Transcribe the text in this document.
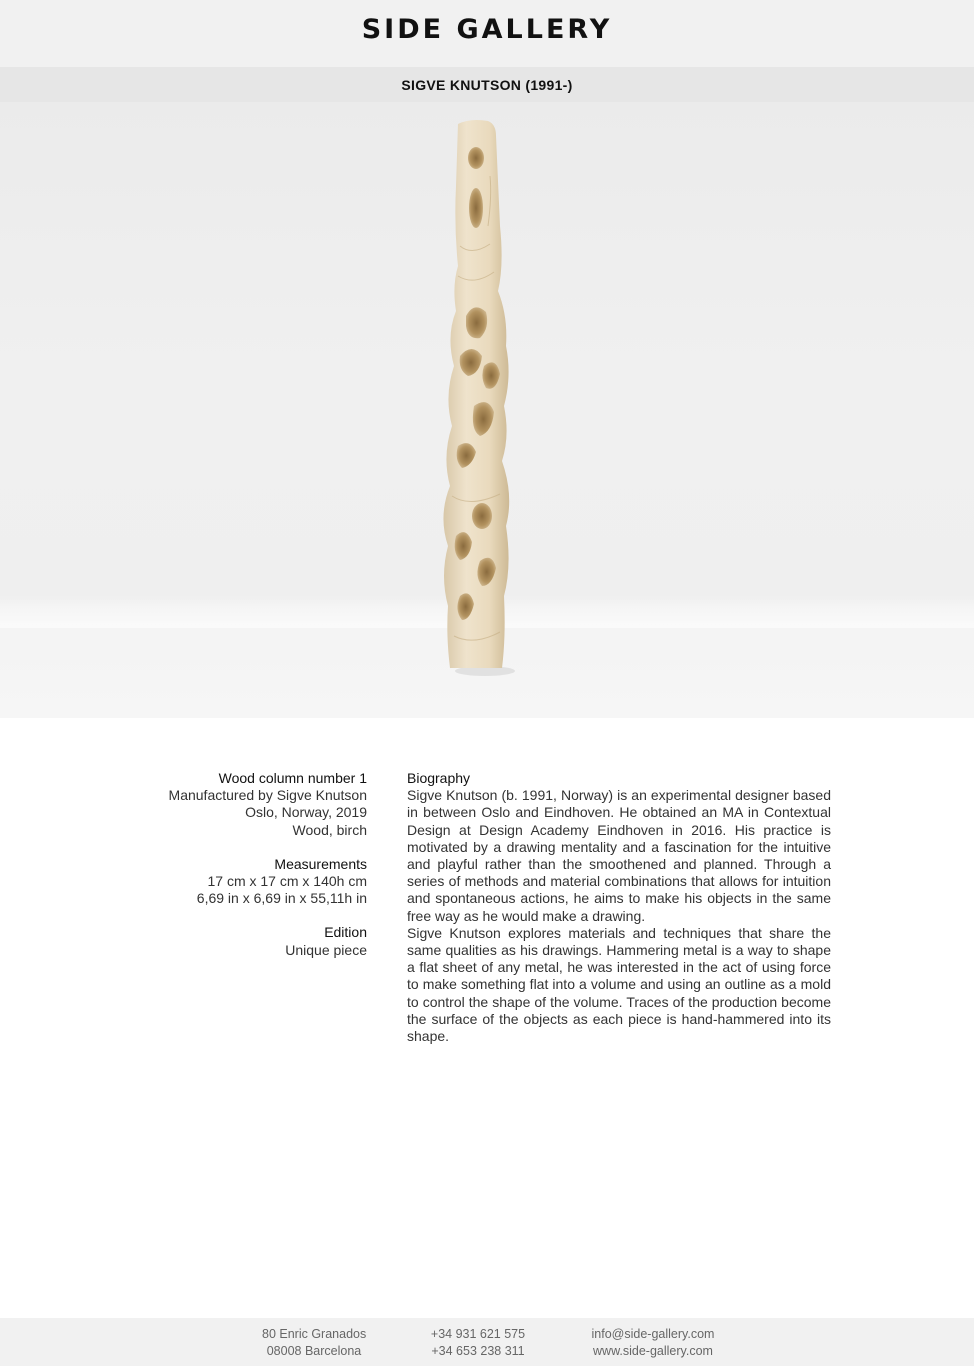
SIDE GALLERY
SIGVE KNUTSON (1991-)
Wood column number 1
Manufactured by Sigve Knutson
Oslo, Norway, 2019
Wood, birch
Measurements
17 cm x 17 cm x 140h cm
6,69 in x 6,69 in x 55,11h in
Edition
Unique piece
Biography

Sigve Knutson (b. 1991, Norway) is an experimental designer based in between Oslo and Eindhoven. He obtained an MA in Contextual Design at Design Academy Eindhoven in 2016. His practice is motivated by a drawing mentality and a fascination for the intuitive and playful rather than the smoothened and planned. Through a series of methods and material combinations that allows for intuition and spontaneous actions, he aims to make his objects in the same free way as he would make a drawing.

Sigve Knutson explores materials and techniques that share the same qualities as his drawings. Hammering metal is a way to shape a flat sheet of any metal, he was interested in the act of using force to make something flat into a volume and using an outline as a mold to control the shape of the volume. Traces of the production become the surface of the objects as each piece is hand-hammered into its shape.

80 Enric Granados
08008 Barcelona
+34 931 621 575
+34 653 238 311
info@side-gallery.com
www.side-gallery.com
